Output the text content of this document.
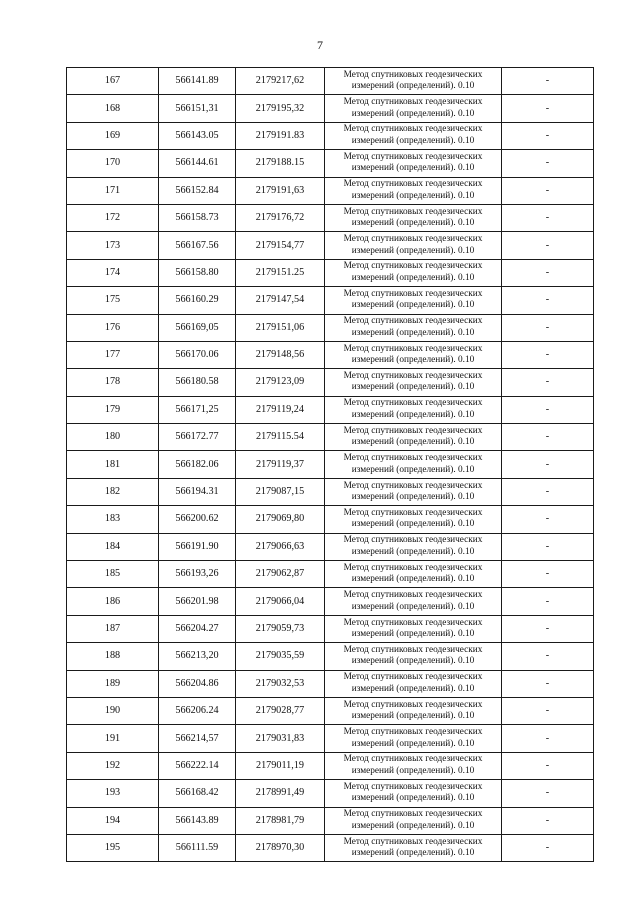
7
167	566141.89	2179217,62	Метод спутниковых геодезических
измерений (определений). 0.10	-
168	566151,31	2179195,32	Метод спутниковых геодезических
измерений (определений). 0.10	-
169	566143.05	2179191.83	Метод спутниковых геодезических
измерений (определений). 0.10	-
170	566144.61	2179188.15	Метод спутниковых геодезических
измерений (определений). 0.10	-
171	566152.84	2179191,63	Метод спутниковых геодезических
измерений (определений). 0.10	-
172	566158.73	2179176,72	Метод спутниковых геодезических
измерений (определений). 0.10	-
173	566167.56	2179154,77	Метод спутниковых геодезических
измерений (определений). 0.10	-
174	566158.80	2179151.25	Метод спутниковых геодезических
измерений (определений). 0.10	-
175	566160.29	2179147,54	Метод спутниковых геодезических
измерений (определений). 0.10	-
176	566169,05	2179151,06	Метод спутниковых геодезических
измерений (определений). 0.10	-
177	566170.06	2179148,56	Метод спутниковых геодезических
измерений (определений). 0.10	-
178	566180.58	2179123,09	Метод спутниковых геодезических
измерений (определений). 0.10	-
179	566171,25	2179119,24	Метод спутниковых геодезических
измерений (определений). 0.10	-
180	566172.77	2179115.54	Метод спутниковых геодезических
измерений (определений). 0.10	-
181	566182.06	2179119,37	Метод спутниковых геодезических
измерений (определений). 0.10	-
182	566194.31	2179087,15	Метод спутниковых геодезических
измерений (определений). 0.10	-
183	566200.62	2179069,80	Метод спутниковых геодезических
измерений (определений). 0.10	-
184	566191.90	2179066,63	Метод спутниковых геодезических
измерений (определений). 0.10	-
185	566193,26	2179062,87	Метод спутниковых геодезических
измерений (определений). 0.10	-
186	566201.98	2179066,04	Метод спутниковых геодезических
измерений (определений). 0.10	-
187	566204.27	2179059,73	Метод спутниковых геодезических
измерений (определений). 0.10	-
188	566213,20	2179035,59	Метод спутниковых геодезических
измерений (определений). 0.10	-
189	566204.86	2179032,53	Метод спутниковых геодезических
измерений (определений). 0.10	-
190	566206.24	2179028,77	Метод спутниковых геодезических
измерений (определений). 0.10	-
191	566214,57	2179031,83	Метод спутниковых геодезических
измерений (определений). 0.10	-
192	566222.14	2179011,19	Метод спутниковых геодезических
измерений (определений). 0.10	-
193	566168.42	2178991,49	Метод спутниковых геодезических
измерений (определений). 0.10	-
194	566143.89	2178981,79	Метод спутниковых геодезических
измерений (определений). 0.10	-
195	566111.59	2178970,30	Метод спутниковых геодезических
измерений (определений). 0.10	-
